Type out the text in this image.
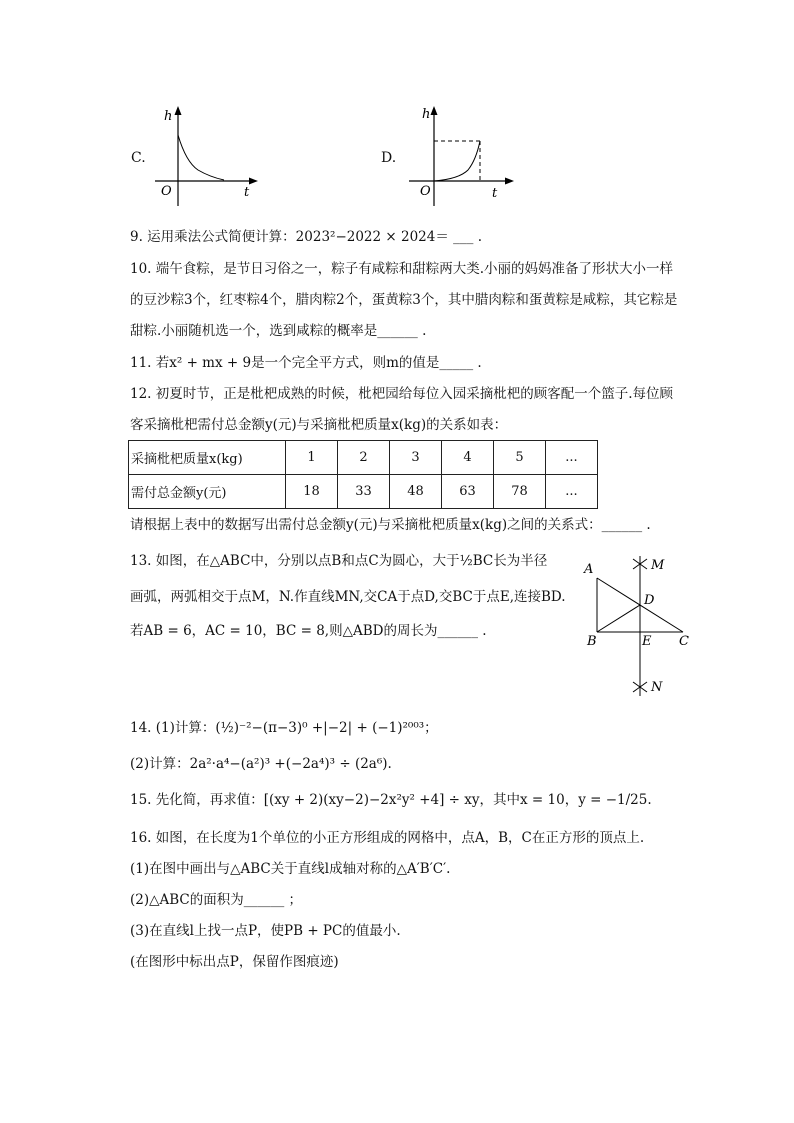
C.
h
t
O
D.
h
t
O
9. 运用乘法公式简便计算：2023²−2022 × 2024＝ ___ .
10. 端午食粽，是节日习俗之一，粽子有咸粽和甜粽两大类.小丽的妈妈准备了形状大小一样
的豆沙粽3个，红枣粽4个，腊肉粽2个，蛋黄粽3个，其中腊肉粽和蛋黄粽是咸粽，其它粽是
甜粽.小丽随机选一个，选到咸粽的概率是______ .
11. 若x² + mx + 9是一个完全平方式，则m的值是_____ .
12. 初夏时节，正是枇杷成熟的时候，枇杷园给每位入园采摘枇杷的顾客配一个篮子.每位顾
客采摘枇杷需付总金额y(元)与采摘枇杷质量x(kg)的关系如表：
采摘枇杷质量x(kg)	1	2	3	4	5	...
需付总金额y(元)	18	33	48	63	78	...
请根据上表中的数据写出需付总金额y(元)与采摘枇杷质量x(kg)之间的关系式：______ .
13. 如图，在△ABC中，分别以点B和点C为圆心，大于½BC长为半径
画弧，两弧相交于点M，N.作直线MN,交CA于点D,交BC于点E,连接BD.
若AB = 6，AC = 10，BC = 8,则△ABD的周长为______ .
A
B	C
D
E
M
N
14. (1)计算：(½)⁻²−(π−3)⁰ +|−2| + (−1)²⁰⁰³；
(2)计算：2a²·a⁴−(a²)³ +(−2a⁴)³ ÷ (2a⁶).
15. 先化简，再求值：[(xy + 2)(xy−2)−2x²y² +4] ÷ xy，其中x = 10，y = −1/25.
16. 如图，在长度为1个单位的小正方形组成的网格中，点A，B，C在正方形的顶点上.
(1)在图中画出与△ABC关于直线l成轴对称的△A′B′C′.
(2)△ABC的面积为______ ；
(3)在直线l上找一点P，使PB + PC的值最小.
(在图形中标出点P，保留作图痕迹)
